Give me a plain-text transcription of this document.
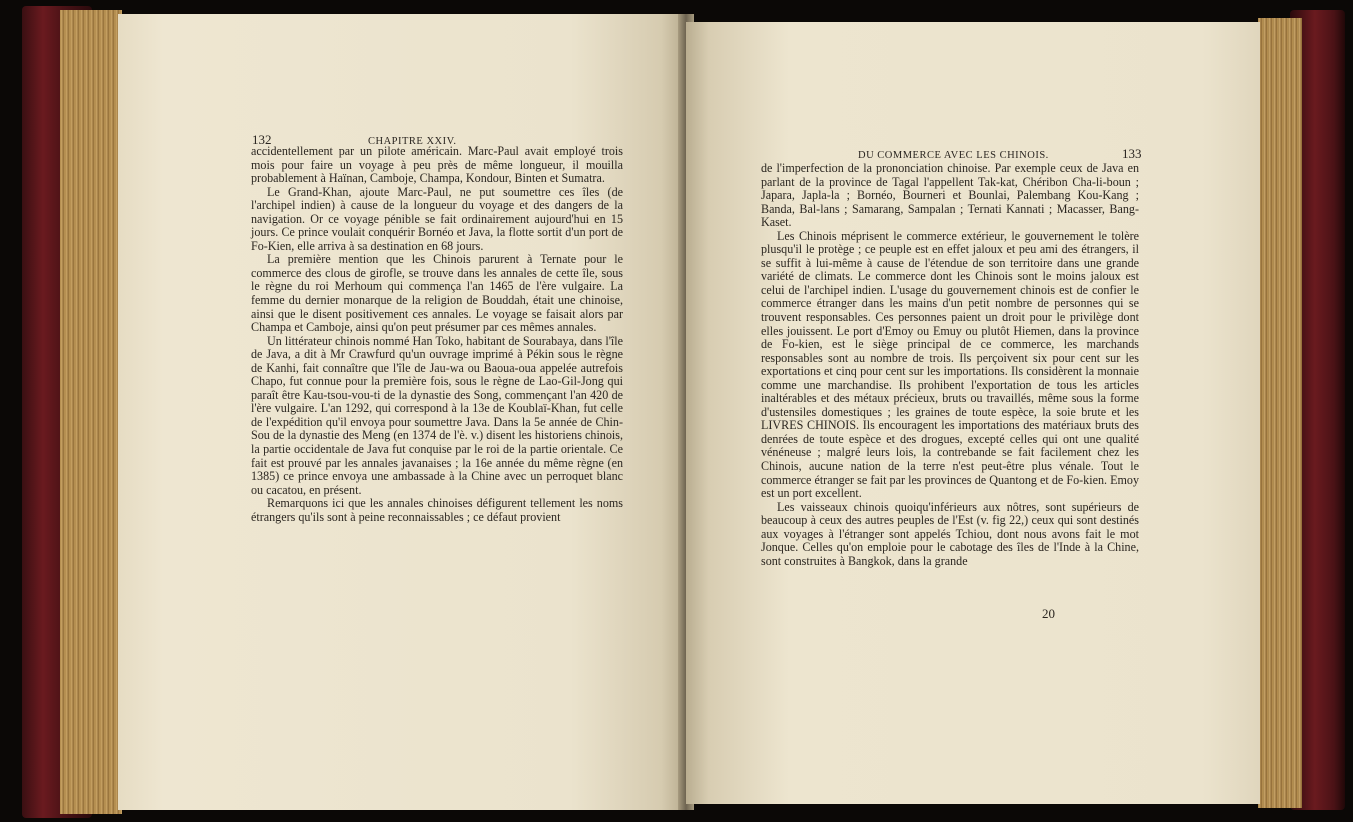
132	CHAPITRE XXIV.

accidentellement par un pilote américain. Marc-Paul avait employé trois mois pour faire un voyage à peu près de même longueur, il mouilla probablement à Haïnan, Camboje, Champa, Kondour, Binten et Sumatra.

Le Grand-Khan, ajoute Marc-Paul, ne put soumettre ces îles (de l'archipel indien) à cause de la longueur du voyage et des dangers de la navigation. Or ce voyage pénible se fait ordinairement aujourd'hui en 15 jours. Ce prince voulait conquérir Bornéo et Java, la flotte sortit d'un port de Fo-Kien, elle arriva à sa destination en 68 jours.

La première mention que les Chinois parurent à Ternate pour le commerce des clous de girofle, se trouve dans les annales de cette île, sous le règne du roi Merhoum qui commença l'an 1465 de l'ère vulgaire. La femme du dernier monarque de la religion de Bouddah, était une chinoise, ainsi que le disent positivement ces annales. Le voyage se faisait alors par Champa et Camboje, ainsi qu'on peut présumer par ces mêmes annales.

Un littérateur chinois nommé Han Toko, habitant de Sourabaya, dans l'île de Java, a dit à Mr Crawfurd qu'un ouvrage imprimé à Pékin sous le règne de Kanhi, fait connaître que l'île de Jau-wa ou Baoua-oua appelée autrefois Chapo, fut connue pour la première fois, sous le règne de Lao-Gil-Jong qui paraît être Kau-tsou-vou-ti de la dynastie des Song, commençant l'an 420 de l'ère vulgaire. L'an 1292, qui correspond à la 13e de Koublaï-Khan, fut celle de l'expédition qu'il envoya pour soumettre Java. Dans la 5e année de Chin-Sou de la dynastie des Meng (en 1374 de l'è. v.) disent les historiens chinois, la partie occidentale de Java fut conquise par le roi de la partie orientale. Ce fait est prouvé par les annales javanaises ; la 16e année du même règne (en 1385) ce prince envoya une ambassade à la Chine avec un perroquet blanc ou cacatou, en présent.

Remarquons ici que les annales chinoises défigurent tellement les noms étrangers qu'ils sont à peine reconnaissables ; ce défaut provient

DU COMMERCE AVEC LES CHINOIS.	133

de l'imperfection de la prononciation chinoise. Par exemple ceux de Java en parlant de la province de Tagal l'appellent Tak-kat, Chéribon Cha-li-boun ; Japara, Japla-la ; Bornéo, Bourneri et Bounlai, Palembang Kou-Kang ; Banda, Bal-lans ; Samarang, Sampalan ; Ternati Kannati ; Macasser, Bang-Kaset.

Les Chinois méprisent le commerce extérieur, le gouvernement le tolère plusqu'il le protège ; ce peuple est en effet jaloux et peu ami des étrangers, il se suffit à lui-même à cause de l'étendue de son territoire dans une grande variété de climats. Le commerce dont les Chinois sont le moins jaloux est celui de l'archipel indien. L'usage du gouvernement chinois est de confier le commerce étranger dans les mains d'un petit nombre de personnes qui se trouvent responsables. Ces personnes paient un droit pour le privilège dont elles jouissent. Le port d'Emoy ou Emuy ou plutôt Hiemen, dans la province de Fo-kien, est le siège principal de ce commerce, les marchands responsables sont au nombre de trois. Ils perçoivent six pour cent sur les exportations et cinq pour cent sur les importations. Ils considèrent la monnaie comme une marchandise. Ils prohibent l'exportation de tous les articles inaltérables et des métaux précieux, bruts ou travaillés, même sous la forme d'ustensiles domestiques ; les graines de toute espèce, la soie brute et les LIVRES CHINOIS. Ils encouragent les importations des matériaux bruts des denrées de toute espèce et des drogues, excepté celles qui ont une qualité vénéneuse ; malgré leurs lois, la contrebande se fait facilement chez les Chinois, aucune nation de la terre n'est peut-être plus vénale. Tout le commerce étranger se fait par les provinces de Quantong et de Fo-kien. Emoy est un port excellent.

Les vaisseaux chinois quoiqu'inférieurs aux nôtres, sont supérieurs de beaucoup à ceux des autres peuples de l'Est (v. fig 22,) ceux qui sont destinés aux voyages à l'étranger sont appelés Tchiou, dont nous avons fait le mot Jonque. Celles qu'on emploie pour le cabotage des îles de l'Inde à la Chine, sont construites à Bangkok, dans la grande

20
